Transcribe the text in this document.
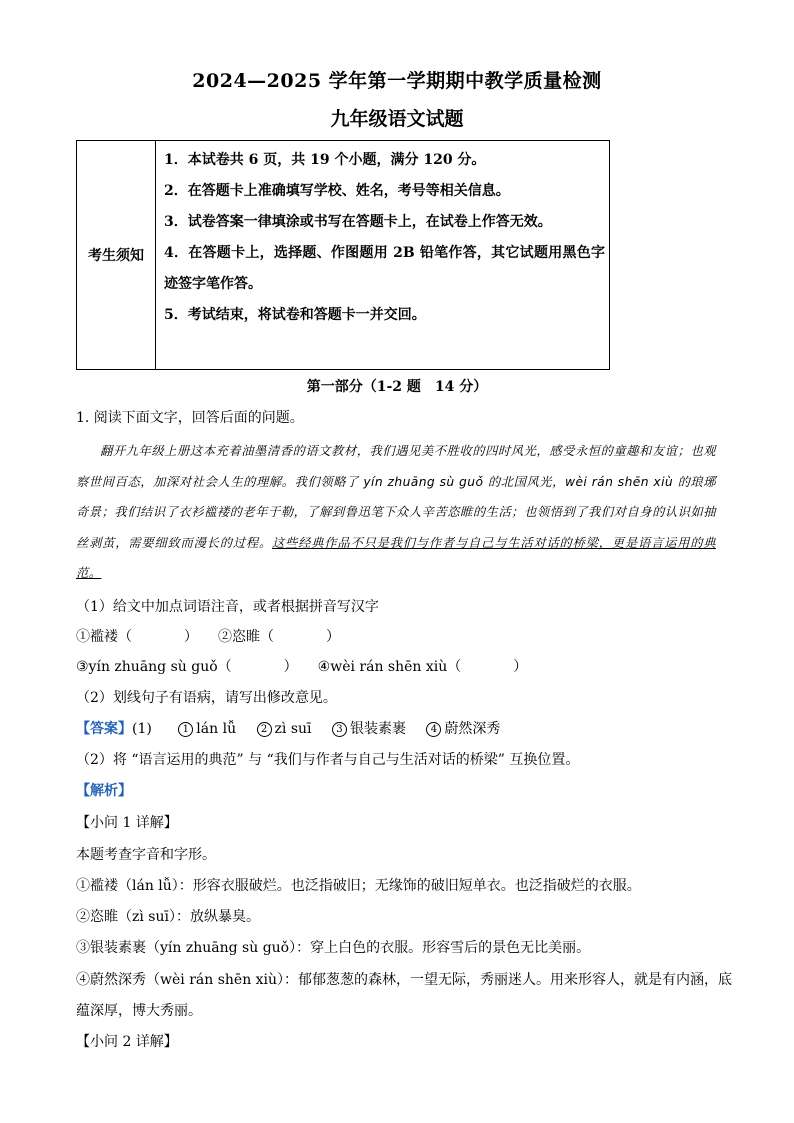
2024—2025 学年第一学期期中教学质量检测
九年级语文试题
考生须知	
1．本试卷共 6 页，共 19 个小题，满分 120 分。
2．在答题卡上准确填写学校、姓名，考号等相关信息。
3．试卷答案一律填涂或书写在答题卡上，在试卷上作答无效。
4．在答题卡上，选择题、作图题用 2B 铅笔作答，其它试题用黑色字迹签字笔作答。
5．考试结束，将试卷和答题卡一并交回。
第一部分（1-2 题　14 分）
1. 阅读下面文字，回答后面的问题。
翻开九年级上册这本充着油墨清香的语文教材，我们遇见美不胜收的四时风光，感受永恒的童趣和友谊；也观察世间百态，加深对社会人生的理解。我们领略了 yín zhuāng sù guǒ 的北国风光，wèi rán shēn xiù 的琅琊奇景；我们结识了衣衫褴褛的老年于勒，了解到鲁迅笔下众人辛苦恣睢的生活；也领悟到了我们对自身的认识如抽丝剥茧，需要细致而漫长的过程。这些经典作品不只是我们与作者与自己与生活对话的桥梁，更是语言运用的典范。
（1）给文中加点词语注音，或者根据拼音写汉字
①褴褛（	） ②恣睢（	）
③yín zhuāng sù guǒ（	） ④wèi rán shēn xiù（	）
（2）划线句子有语病，请写出修改意见。
【答案】(1)	1 lán lǚ 2 zì suī 3 银装素裹 4 蔚然深秀
（2）将 “语言运用的典范” 与 “我们与作者与自己与生活对话的桥梁” 互换位置。
【解析】
【小问 1 详解】
本题考查字音和字形。
①褴褛（lán lǚ）：形容衣服破烂。也泛指破旧；无缘饰的破旧短单衣。也泛指破烂的衣服。
②恣睢（zì suī）：放纵暴臭。
③银装素裹（yín zhuāng sù guǒ）：穿上白色的衣服。形容雪后的景色无比美丽。
④蔚然深秀（wèi rán shēn xiù）：郁郁葱葱的森林，一望无际，秀丽迷人。用来形容人，就是有内涵，底
蕴深厚，博大秀丽。
【小问 2 详解】
